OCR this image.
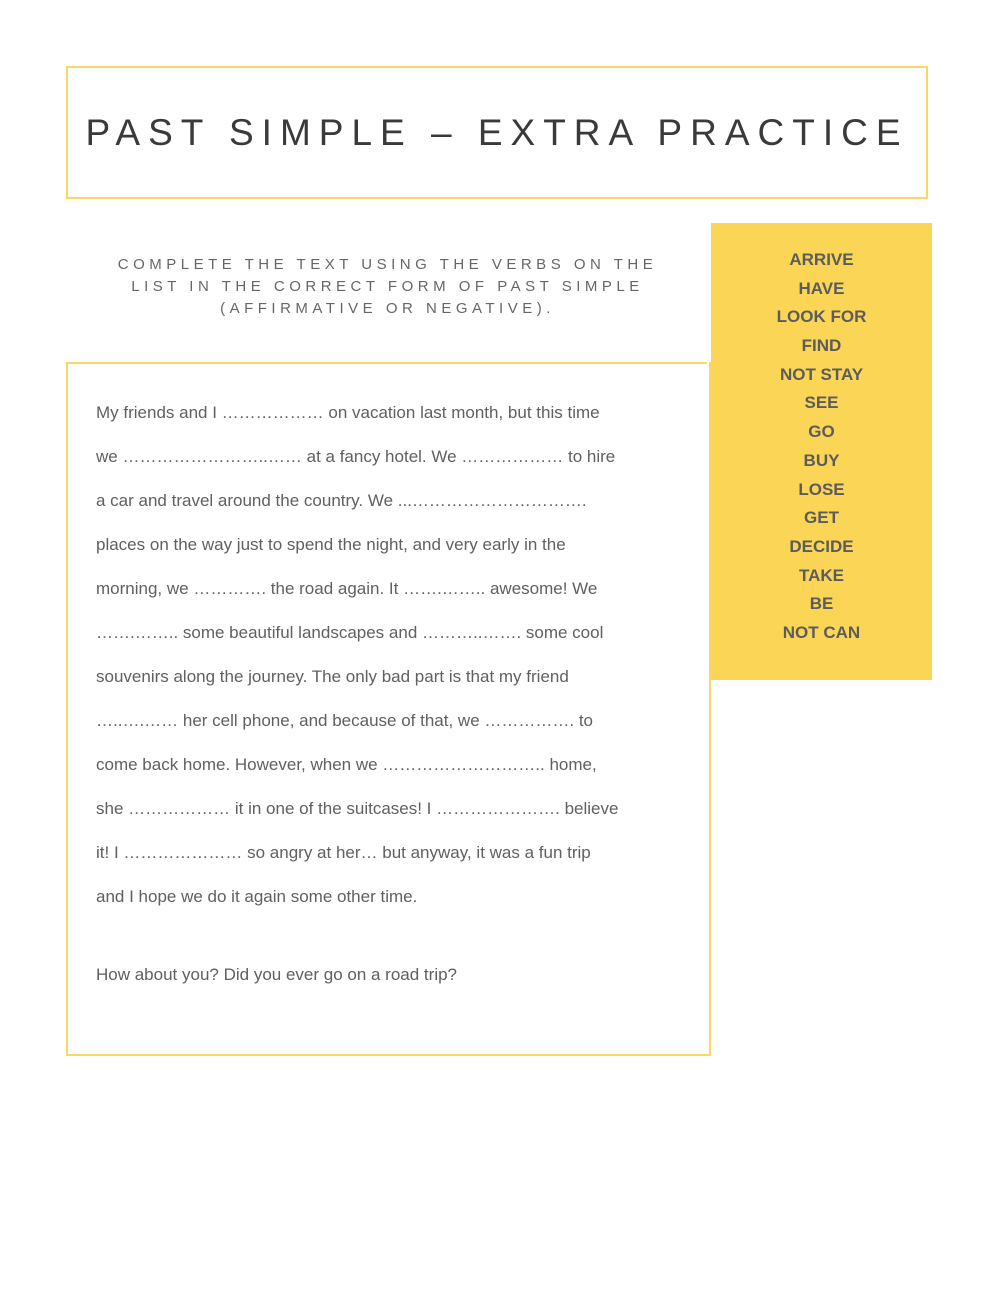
PAST SIMPLE – EXTRA PRACTICE

COMPLETE THE TEXT USING THE VERBS ON THE LIST IN THE CORRECT FORM OF PAST SIMPLE (AFFIRMATIVE OR NEGATIVE).

ARRIVE
HAVE
LOOK FOR
FIND
NOT STAY
SEE
GO
BUY
LOSE
GET
DECIDE
TAKE
BE
NOT CAN
My friends and I ……………… on vacation last month, but this time
we ……………………..…… at a fancy hotel. We ……………… to hire
a car and travel around the country. We ...………………………….
places on the way just to spend the night, and very early in the
morning, we …………. the road again. It …….…….. awesome! We
…….…….. some beautiful landscapes and ………..……. some cool
souvenirs along the journey. The only bad part is that my friend
…..….…… her cell phone, and because of that, we ……………. to
come back home. However, when we ……………………….. home,
she ……………… it in one of the suitcases! I …………………. believe
it! I ………………… so angry at her… but anyway, it was a fun trip
and I hope we do it again some other time.

How about you? Did you ever go on a road trip?
